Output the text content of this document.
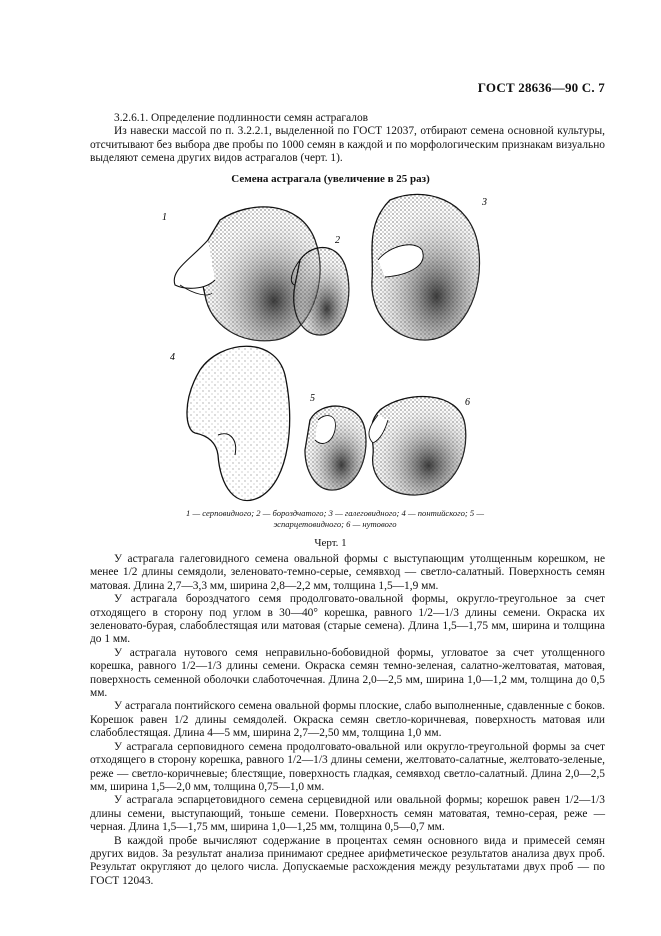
ГОСТ 28636—90 С. 7

3.2.6.1. Определение подлинности семян астрагалов

Из навески массой по п. 3.2.2.1, выделенной по ГОСТ 12037, отбирают семена основной культуры, отсчитывают без выбора две пробы по 1000 семян в каждой и по морфологическим признакам визуально выделяют семена других видов астрагалов (черт. 1).

Семена астрагала (увеличение в 25 раз)
1
2
3
4
5	6
1 — серповидного; 2 — бороздчатого; 3 — галеговидного; 4 — понтийского; 5 — эспарцетовидного; 6 — нутового
Черт. 1

У астрагала галеговидного семена овальной формы с выступающим утолщенным корешком, не менее 1/2 длины семядоли, зеленовато-темно-серые, семявход — светло-салатный. Поверхность семян матовая. Длина 2,7—3,3 мм, ширина 2,8—2,2 мм, толщина 1,5—1,9 мм.

У астрагала бороздчатого семя продолговато-овальной формы, округло-треугольное за счет отходящего в сторону под углом в 30—40° корешка, равного 1/2—1/3 длины семени. Окраска их зеленовато-бурая, слабоблестящая или матовая (старые семена). Длина 1,5—1,75 мм, ширина и толщина до 1 мм.

У астрагала нутового семя неправильно-бобовидной формы, угловатое за счет утолщенного корешка, равного 1/2—1/3 длины семени. Окраска семян темно-зеленая, салатно-желтоватая, матовая, поверхность семенной оболочки слаботочечная. Длина 2,0—2,5 мм, ширина 1,0—1,2 мм, толщина до 0,5 мм.

У астрагала понтийского семена овальной формы плоские, слабо выполненные, сдавленные с боков. Корешок равен 1/2 длины семядолей. Окраска семян светло-коричневая, поверхность матовая или слабоблестящая. Длина 4—5 мм, ширина 2,7—2,50 мм, толщина 1,0 мм.

У астрагала серповидного семена продолговато-овальной или округло-треугольной формы за счет отходящего в сторону корешка, равного 1/2—1/3 длины семени, желтовато-салатные, желтовато-зеленые, реже — светло-коричневые; блестящие, поверхность гладкая, семявход светло-салатный. Длина 2,0—2,5 мм, ширина 1,5—2,0 мм, толщина 0,75—1,0 мм.

У астрагала эспарцетовидного семена серцевидной или овальной формы; корешок равен 1/2—1/3 длины семени, выступающий, тоньше семени. Поверхность семян матоватая, темно-серая, реже — черная. Длина 1,5—1,75 мм, ширина 1,0—1,25 мм, толщина 0,5—0,7 мм.

В каждой пробе вычисляют содержание в процентах семян основного вида и примесей семян других видов. За результат анализа принимают среднее арифметическое результатов анализа двух проб. Результат округляют до целого числа. Допускаемые расхождения между результатами двух проб — по ГОСТ 12043.
